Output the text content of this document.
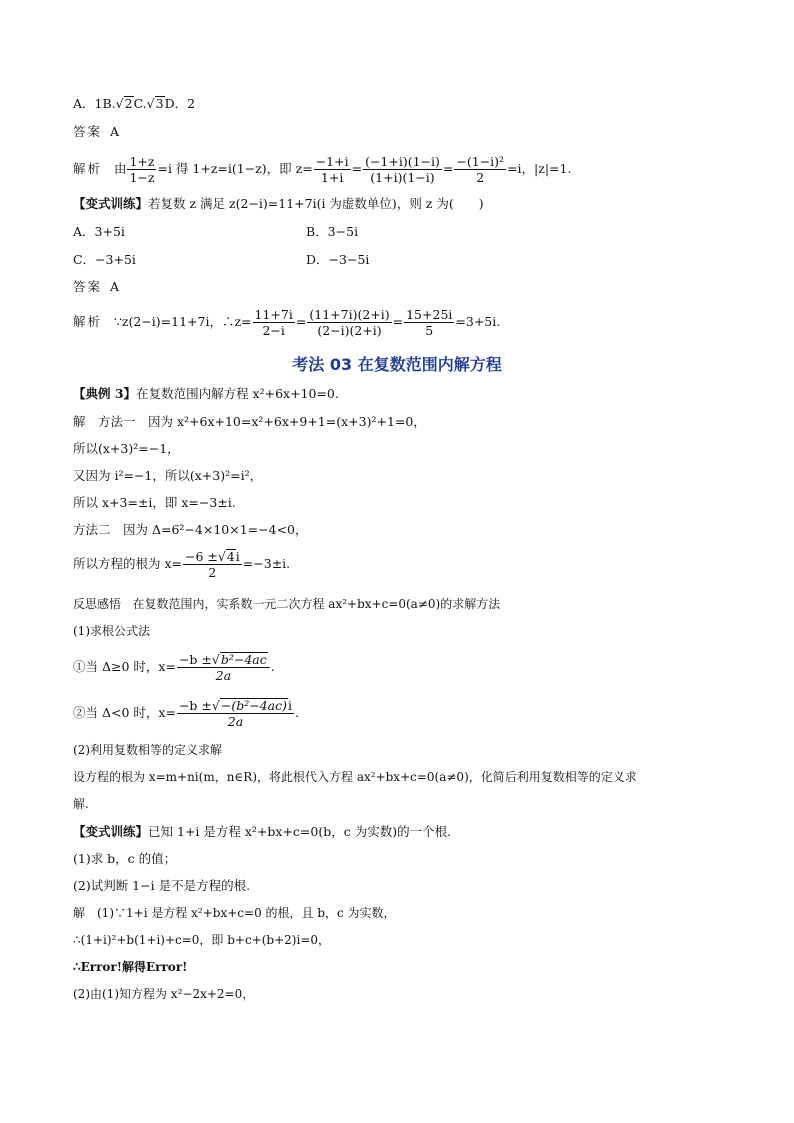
A．1B.√2C.√3D．2
答案 A
解析 由 $\frac{1+z}{1-z} =i$ 得 1+z=i(1−z)，即 $z= \frac{-1+i}{1+i} = \frac{(-1+i)(1-i)}{(1+i)(1-i)} = \frac{\text{−(1−i)²}}{2} =i$，|z|=1.
【变式训练】若复数 z 满足 z(2−i)=11+7i(i 为虚数单位)，则 z 为(　　)
A．3+5i	B．3−5i
C．−3+5i	D．−3−5i
答案 A
解析 ∵z(2−i)=11+7i，∴z= $\frac{11+7i}{2-i} = \frac{(11+7i)(2+i)}{(2-i)(2+i)} = \frac{15+25i}{5} =3+5i$.
考法 03 在复数范围内解方程
【典例 3】在复数范围内解方程 x²+6x+10=0.
解　方法一　因为 x²+6x+10=x²+6x+9+1=(x+3)²+1=0，
所以(x+3)²=−1，
又因为 i²=−1，所以(x+3)²=i²，
所以 x+3=±i，即 x=−3±i.
方法二　因为 Δ=6²−4×10×1=−4<0，
所以方程的根为 $x= \frac{-6 \pm√4i}{2} =-3\pm i$.
反思感悟 在复数范围内，实系数一元二次方程 ax²+bx+c=0(a≠0)的求解方法
(1)求根公式法
①当 Δ≥0 时，$x= \frac{\text{−b ±√b²−4ac}}{2a}$ .
②当 Δ<0 时，$x= \frac{\text{−b ±√−(b²−4ac)i}}{2a}$ .
(2)利用复数相等的定义求解
设方程的根为 x=m+ni(m，n∈R)，将此根代入方程 ax²+bx+c=0(a≠0)，化简后利用复数相等的定义求
解.
【变式训练】已知 1+i 是方程 x²+bx+c=0(b，c 为实数)的一个根.
(1)求 b，c 的值；
(2)试判断 1−i 是不是方程的根.
解　(1)∵1+i 是方程 x²+bx+c=0 的根，且 b，c 为实数，
∴(1+i)²+b(1+i)+c=0，即 b+c+(b+2)i=0，
∴Error!解得Error!
(2)由(1)知方程为 x²−2x+2=0，
